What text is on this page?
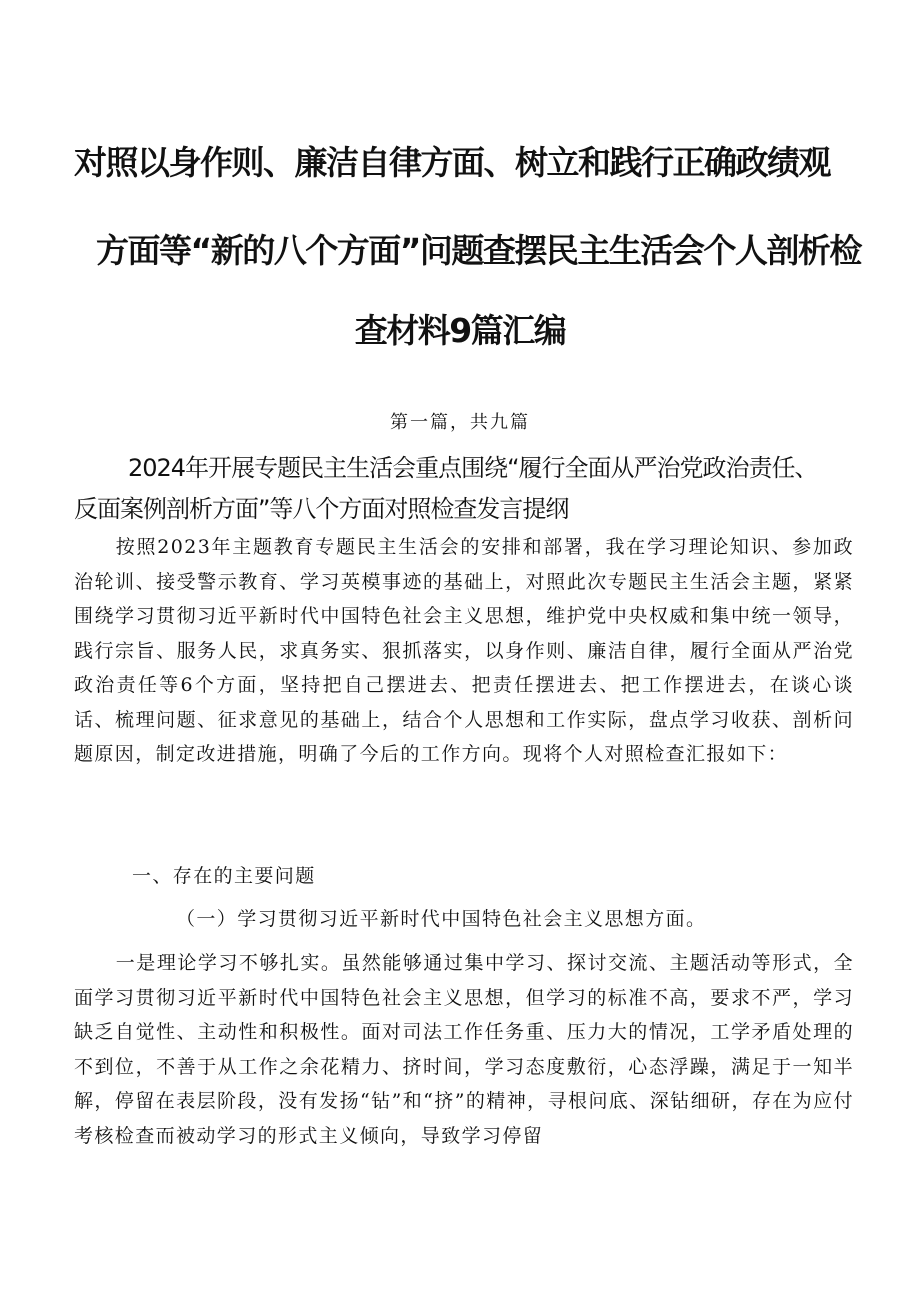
对照以身作则、廉洁自律方面、树立和践行正确政绩观
方面等“新的八个方面”问题查摆民主生活会个人剖析检
查材料9篇汇编
第一篇，共九篇
2024年开展专题民主生活会重点围绕“履行全面从严治党政治责任、
反面案例剖析方面”等八个方面对照检查发言提纲

按照2023年主题教育专题民主生活会的安排和部署，我在学习理论知识、参加政治轮训、接受警示教育、学习英模事迹的基础上，对照此次专题民主生活会主题，紧紧围绕学习贯彻习近平新时代中国特色社会主义思想，维护党中央权威和集中统一领导，践行宗旨、服务人民，求真务实、狠抓落实，以身作则、廉洁自律，履行全面从严治党政治责任等6个方面，坚持把自己摆进去、把责任摆进去、把工作摆进去，在谈心谈话、梳理问题、征求意见的基础上，结合个人思想和工作实际，盘点学习收获、剖析问题原因，制定改进措施，明确了今后的工作方向。现将个人对照检查汇报如下：

一、存在的主要问题
（一）学习贯彻习近平新时代中国特色社会主义思想方面。

一是理论学习不够扎实。虽然能够通过集中学习、探讨交流、主题活动等形式，全面学习贯彻习近平新时代中国特色社会主义思想，但学习的标准不高，要求不严，学习缺乏自觉性、主动性和积极性。面对司法工作任务重、压力大的情况，工学矛盾处理的不到位，不善于从工作之余花精力、挤时间，学习态度敷衍，心态浮躁，满足于一知半解，停留在表层阶段，没有发扬“钻”和“挤”的精神，寻根问底、深钻细研，存在为应付考核检查而被动学习的形式主义倾向，导致学习停留
